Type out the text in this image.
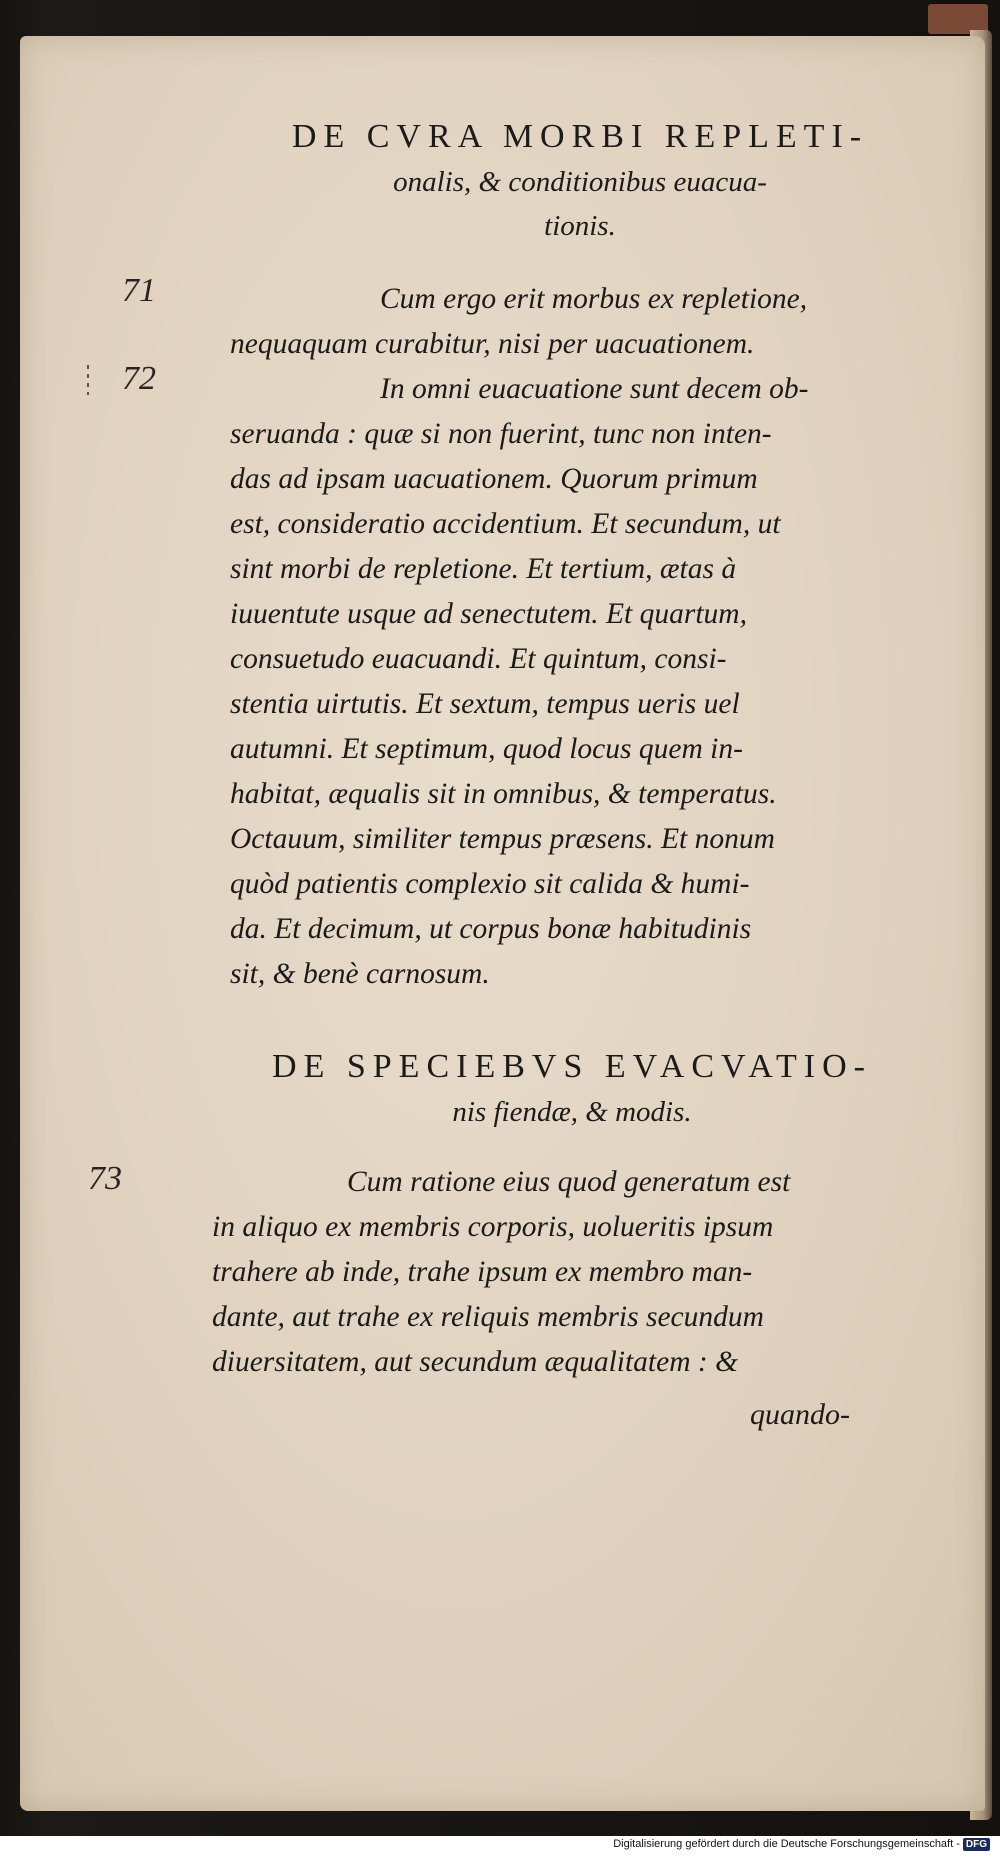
DE CVRA MORBI REPLETI-
onalis, & conditionibus euacua-
tionis.
71
72
73

Cum ergo erit morbus ex repletione,
nequaquam curabitur, nisi per uacuationem.

In omni euacuatione sunt decem ob-
seruanda : quæ si non fuerint, tunc non inten-
das ad ipsam uacuationem. Quorum primum
est, consideratio accidentium. Et secundum, ut
sint morbi de repletione. Et tertium, ætas à
iuuentute usque ad senectutem. Et quartum,
consuetudo euacuandi. Et quintum, consi-
stentia uirtutis. Et sextum, tempus ueris uel
autumni. Et septimum, quod locus quem in-
habitat, æqualis sit in omnibus, & temperatus.
Octauum, similiter tempus præsens. Et nonum
quòd patientis complexio sit calida & humi-
da. Et decimum, ut corpus bonæ habitudinis
sit, & benè carnosum.

DE SPECIEBVS EVACVATIO-
nis fiendæ, & modis.

Cum ratione eius quod generatum est
in aliquo ex membris corporis, uolueritis ipsum
trahere ab inde, trahe ipsum ex membro man-
dante, aut trahe ex reliquis membris secundum
diuersitatem, aut secundum æqualitatem : &

quando-
Digitalisierung gefördert durch die Deutsche Forschungsgemeinschaft - DFG
